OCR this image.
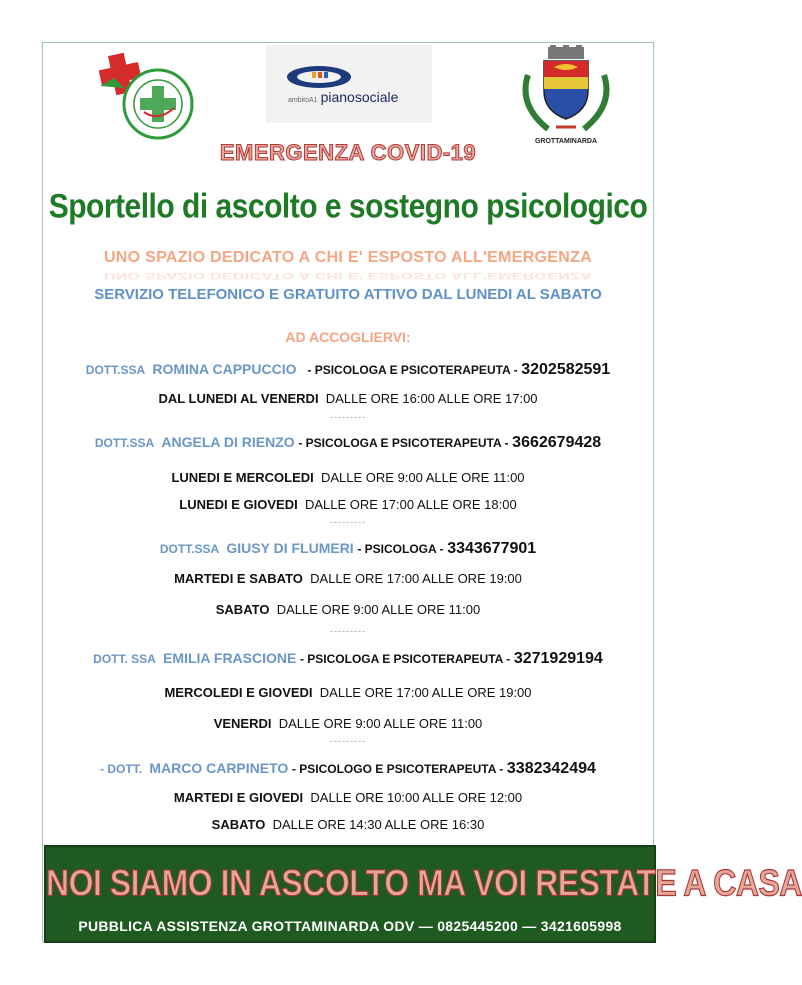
ambitoA1 pianosociale
GROTTAMINARDA
EMERGENZA COVID-19
Sportello di ascolto e sostegno psicologico
UNO SPAZIO DEDICATO A CHI E' ESPOSTO ALL'EMERGENZA
UNO SPAZIO DEDICATO A CHI E' ESPOSTO ALL'EMERGENZA
SERVIZIO TELEFONICO E GRATUITO ATTIVO DAL LUNEDI AL SABATO
AD ACCOGLIERVI:
DOTT.SSA ROMINA CAPPUCCIO - PSICOLOGA E PSICOTERAPEUTA - 3202582591
DAL LUNEDI AL VENERDI DALLE ORE 16:00 ALLE ORE 17:00
---------
DOTT.SSA ANGELA DI RIENZO - PSICOLOGA E PSICOTERAPEUTA - 3662679428
LUNEDI E MERCOLEDI DALLE ORE 9:00 ALLE ORE 11:00
LUNEDI E GIOVEDI DALLE ORE 17:00 ALLE ORE 18:00
---------
DOTT.SSA GIUSY DI FLUMERI - PSICOLOGA - 3343677901
MARTEDI E SABATO DALLE ORE 17:00 ALLE ORE 19:00
SABATO DALLE ORE 9:00 ALLE ORE 11:00
---------
DOTT. SSA EMILIA FRASCIONE - PSICOLOGA E PSICOTERAPEUTA - 3271929194
MERCOLEDI E GIOVEDI DALLE ORE 17:00 ALLE ORE 19:00
VENERDI DALLE ORE 9:00 ALLE ORE 11:00
---------
- DOTT. MARCO CARPINETO - PSICOLOGO E PSICOTERAPEUTA - 3382342494
MARTEDI E GIOVEDI DALLE ORE 10:00 ALLE ORE 12:00
SABATO DALLE ORE 14:30 ALLE ORE 16:30
NOI SIAMO IN ASCOLTO MA VOI RESTATE A CASA
PUBBLICA ASSISTENZA GROTTAMINARDA ODV — 0825445200 — 3421605998
